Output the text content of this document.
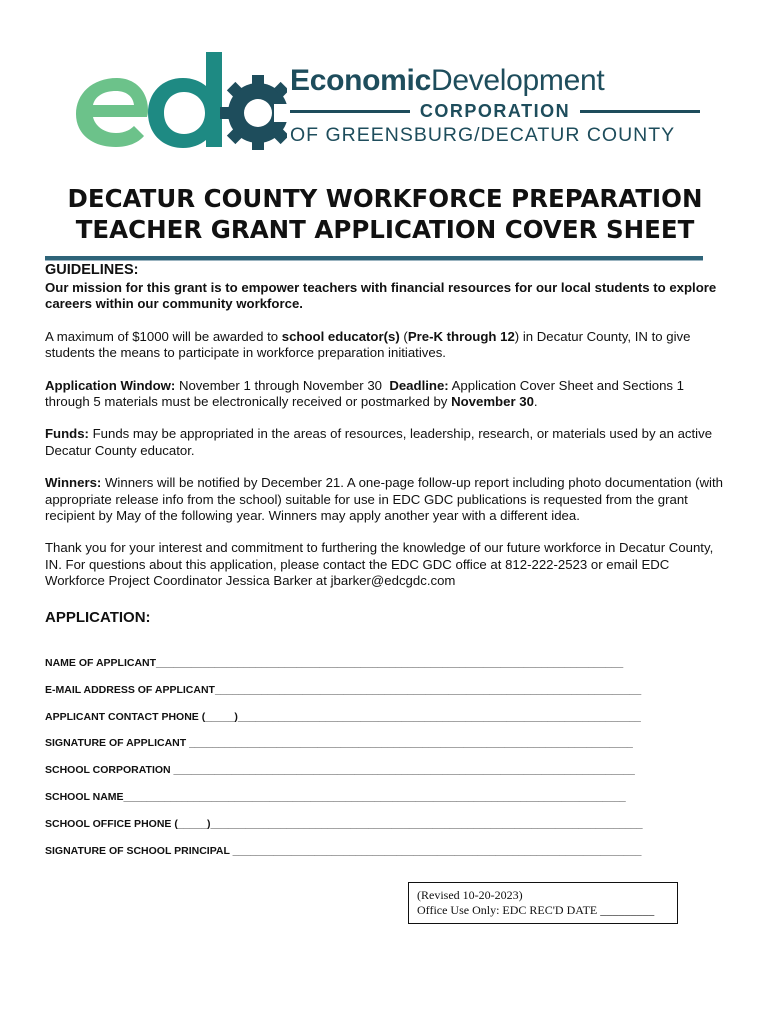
EconomicDevelopment
CORPORATION
OF GREENSBURG/DECATUR COUNTY
DECATUR COUNTY WORKFORCE PREPARATION
TEACHER GRANT APPLICATION COVER SHEET

GUIDELINES:

Our mission for this grant is to empower teachers with financial resources for our local students to explore careers within our community workforce.

A maximum of $1000 will be awarded to school educator(s) (Pre-K through 12) in Decatur County, IN to give students the means to participate in workforce preparation initiatives.

Application Window: November 1 through November 30  Deadline: Application Cover Sheet and Sections 1 through 5 materials must be electronically received or postmarked by November 30.

Funds: Funds may be appropriated in the areas of resources, leadership, research, or materials used by an active Decatur County educator.

Winners: Winners will be notified by December 21. A one-page follow-up report including photo documentation (with appropriate release info from the school) suitable for use in EDC GDC publications is requested from the grant recipient by May of the following year. Winners may apply another year with a different idea.

Thank you for your interest and commitment to furthering the knowledge of our future workforce in Decatur County, IN. For questions about this application, please contact the EDC GDC office at 812-222-2523 or email EDC Workforce Project Coordinator Jessica Barker at jbarker@edcgdc.com

APPLICATION:

NAME OF APPLICANT________________________________________________________________________________
E-MAIL ADDRESS OF APPLICANT_________________________________________________________________________
APPLICANT CONTACT PHONE (_____)_____________________________________________________________________
SIGNATURE OF APPLICANT ____________________________________________________________________________
SCHOOL CORPORATION _______________________________________________________________________________
SCHOOL NAME______________________________________________________________________________________
SCHOOL OFFICE PHONE (_____)__________________________________________________________________________
SIGNATURE OF SCHOOL PRINCIPAL ______________________________________________________________________
(Revised 10-20-2023)
Office Use Only: EDC REC'D DATE _________
